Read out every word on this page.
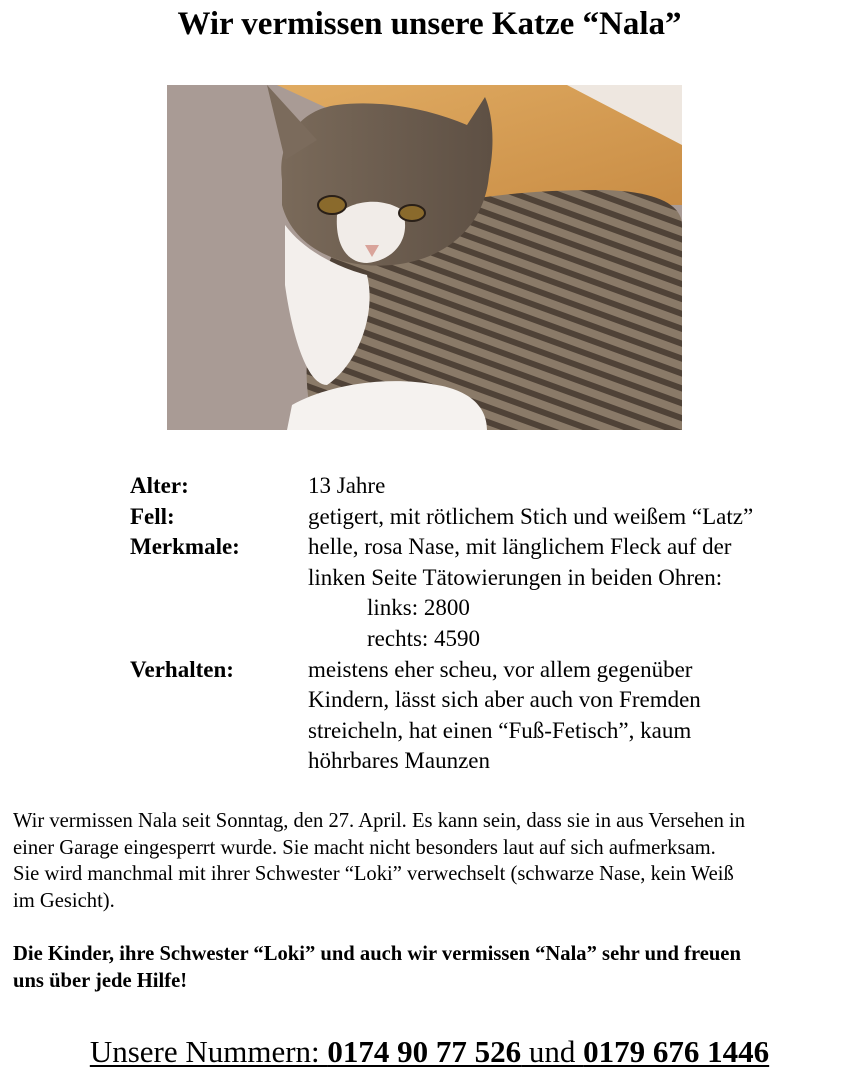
Wir vermissen unsere Katze “Nala”
Alter:	13 Jahre
Fell:	getigert, mit rötlichem Stich und weißem “Latz”
Merkmale:	helle, rosa Nase, mit länglichem Fleck auf der
linken Seite Tätowierungen in beiden Ohren:
links: 2800
rechts: 4590
Verhalten:	meistens eher scheu, vor allem gegenüber
Kindern, lässt sich aber auch von Fremden
streicheln, hat einen “Fuß-Fetisch”, kaum
höhrbares Maunzen
Wir vermissen Nala seit Sonntag, den 27. April. Es kann sein, dass sie in aus Versehen in
einer Garage eingesperrt wurde. Sie macht nicht besonders laut auf sich aufmerksam.
Sie wird manchmal mit ihrer Schwester “Loki” verwechselt (schwarze Nase, kein Weiß
im Gesicht).
Die Kinder, ihre Schwester “Loki” und auch wir vermissen “Nala” sehr und freuen
uns über jede Hilfe!
Unsere Nummern: 0174 90 77 526 und 0179 676 1446
